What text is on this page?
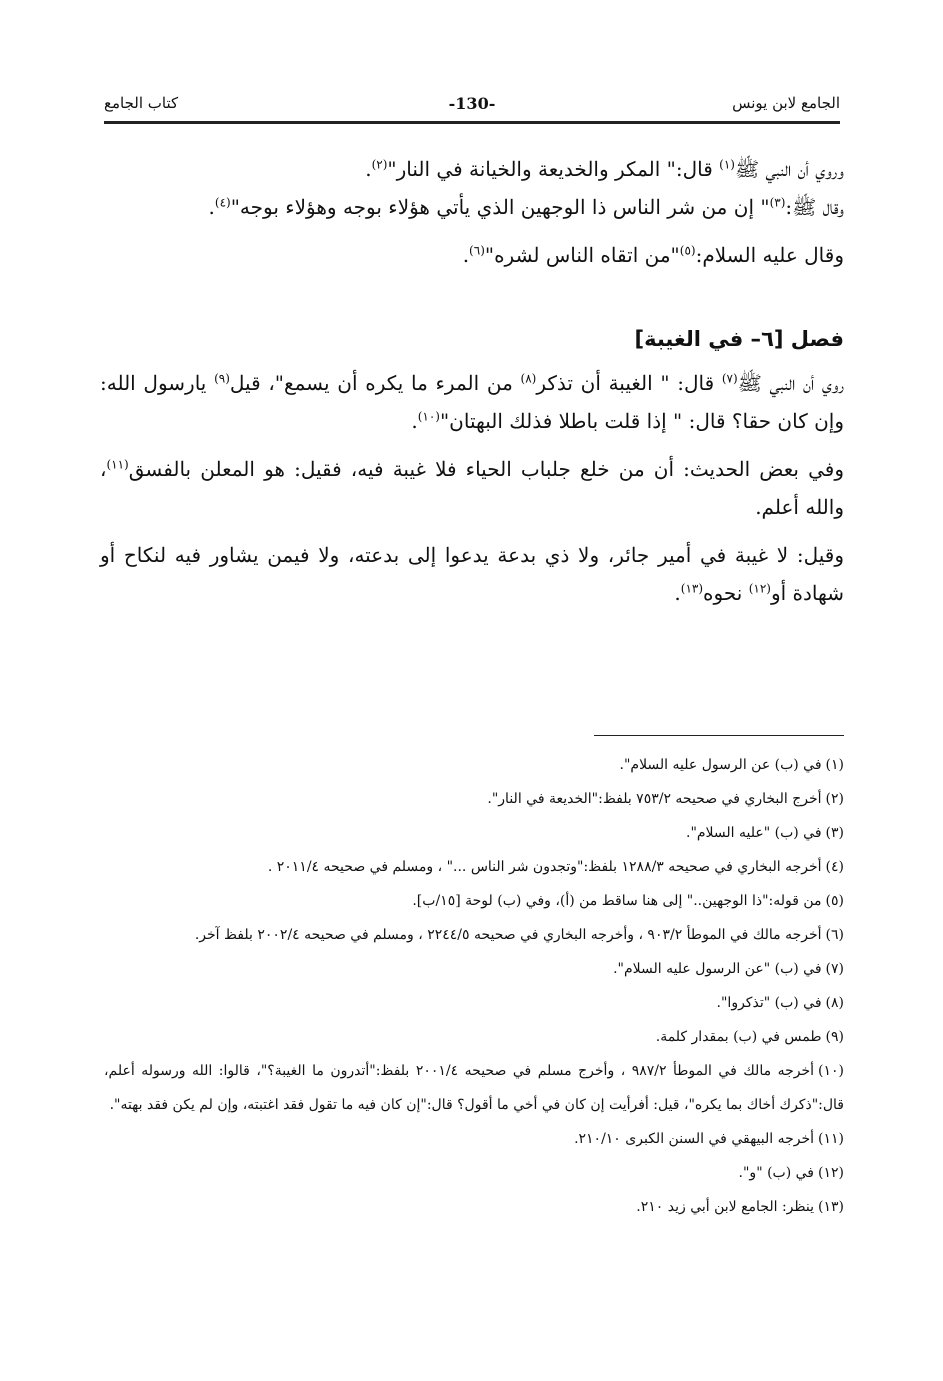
الجامع لابن يونس
-130-
كتاب الجامع

وروي أن النبي ﷺ$^{(١)}$ قال:" المكر والخديعة والخيانة في النار"$^{(٢)}$.

وقال ﷺ:$^{(٣)}$" إن من شر الناس ذا الوجهين الذي يأتي هؤلاء بوجه وهؤلاء بوجه"$^{(٤)}$.

وقال عليه السلام:$^{(٥)}$"من اتقاه الناس لشره"$^{(٦)}$.

فصل [٦– في الغيبة]

روي أن النبي ﷺ$^{(٧)}$ قال: " الغيبة أن تذكر$^{(٨)}$ من المرء ما يكره أن يسمع"، قيل$^{(٩)}$ يارسول الله: وإن كان حقا؟ قال: " إذا قلت باطلا فذلك البهتان"$^{(١٠)}$.

وفي بعض الحديث: أن من خلع جلباب الحياء فلا غيبة فيه، فقيل: هو المعلن بالفسق$^{(١١)}$، والله أعلم.

وقيل: لا غيبة في أمير جائر، ولا ذي بدعة يدعوا إلى بدعته، ولا فيمن يشاور فيه لنكاح أو شهادة أو$^{(١٢)}$ نحوه$^{(١٣)}$.

(١)في (ب) عن الرسول عليه السلام".

(٢)أخرج البخاري في صحيحه ٧٥٣/٢ بلفظ:"الخديعة في النار".

(٣)في (ب) "عليه السلام".

(٤)أخرجه البخاري في صحيحه ١٢٨٨/٣ بلفظ:"وتجدون شر الناس ..." ، ومسلم في صحيحه ٢٠١١/٤ .

(٥)من قوله:"ذا الوجهين.." إلى هنا ساقط من (أ)، وفي (ب) لوحة [١٥/ب].

(٦)أخرجه مالك في الموطأ ٩٠٣/٢ ، وأخرجه البخاري في صحيحه ٢٢٤٤/٥ ، ومسلم في صحيحه ٢٠٠٢/٤ بلفظ آخر.

(٧)في (ب) "عن الرسول عليه السلام".

(٨)في (ب) "تذكروا".

(٩)طمس في (ب) بمقدار كلمة.

(١٠)أخرجه مالك في الموطأ ٩٨٧/٢ ، وأخرج مسلم في صحيحه ٢٠٠١/٤ بلفظ:"أتدرون ما الغيبة؟"، قالوا: الله ورسوله أعلم، قال:"ذكرك أخاك بما يكره"، قيل: أفرأيت إن كان في أخي ما أقول؟ قال:"إن كان فيه ما تقول فقد اغتبته، وإن لم يكن فقد بهته".

(١١)أخرجه البيهقي في السنن الكبرى ٢١٠/١٠.

(١٢)في (ب) "و".

(١٣)ينظر: الجامع لابن أبي زيد ٢١٠.
